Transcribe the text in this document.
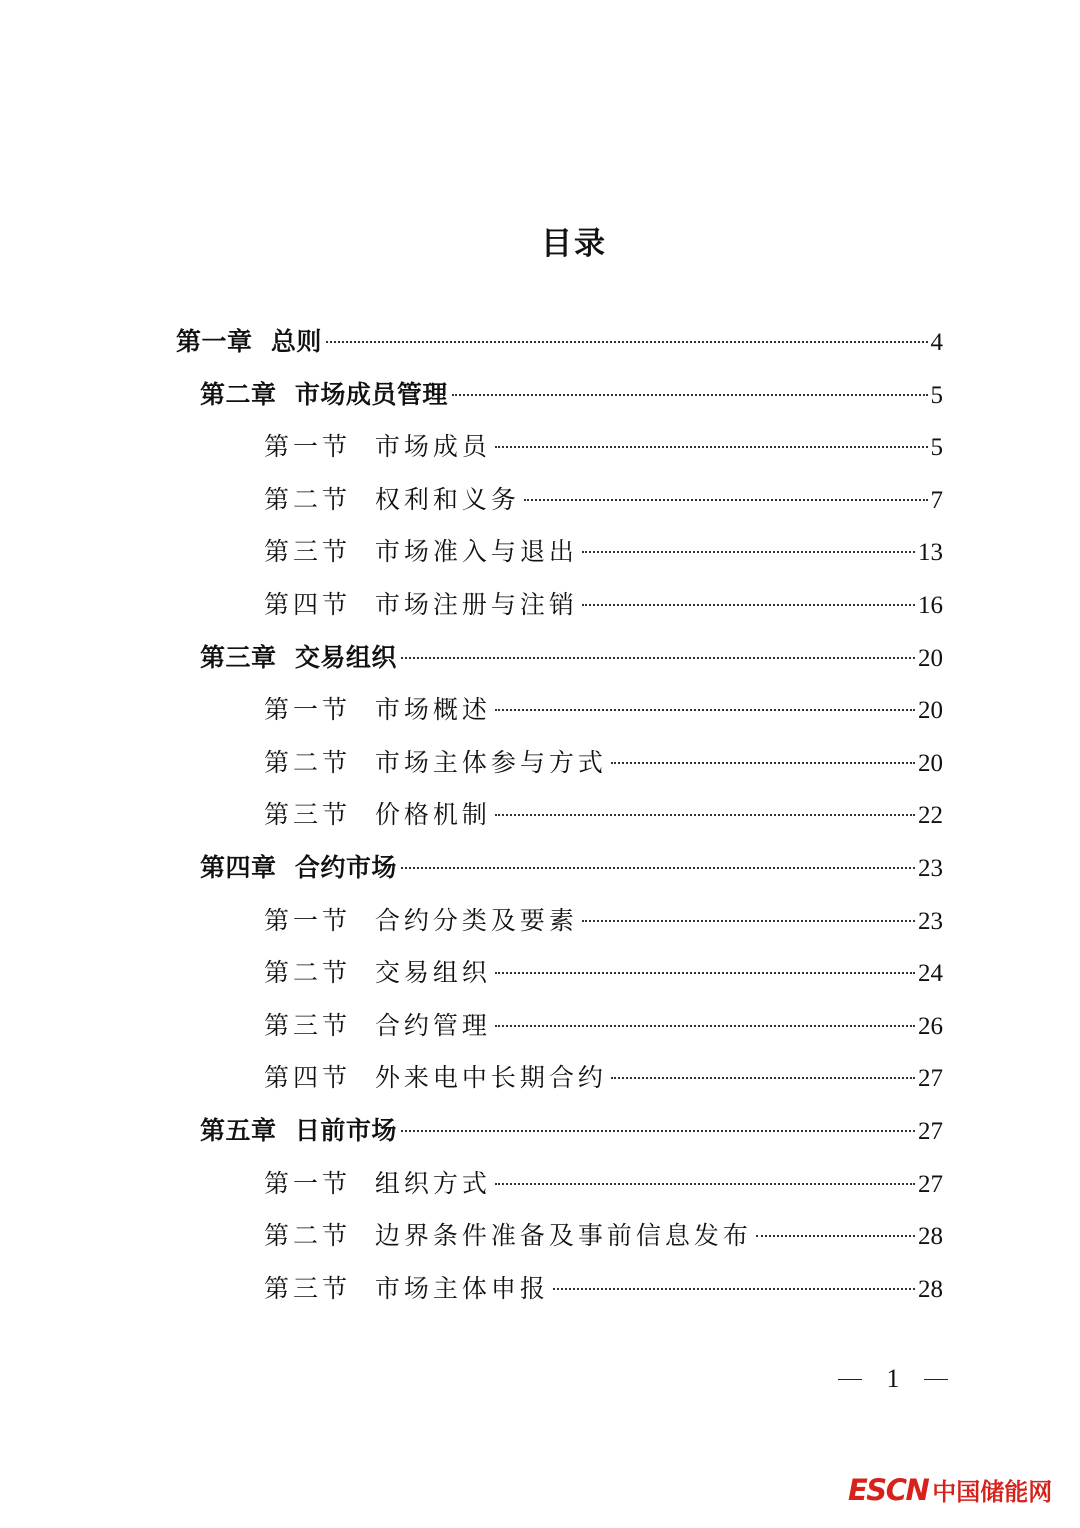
目录
第一章  总则	4
第二章  市场成员管理	5
第一节  市场成员	5
第二节  权利和义务	7
第三节  市场准入与退出	13
第四节  市场注册与注销	16
第三章  交易组织	20
第一节  市场概述	20
第二节  市场主体参与方式	20
第三节  价格机制	22
第四章  合约市场	23
第一节  合约分类及要素	23
第二节  交易组织	24
第三节  合约管理	26
第四节  外来电中长期合约	27
第五章  日前市场	27
第一节  组织方式	27
第二节  边界条件准备及事前信息发布	28
第三节  市场主体申报	28
1
ESCN 中国储能网
